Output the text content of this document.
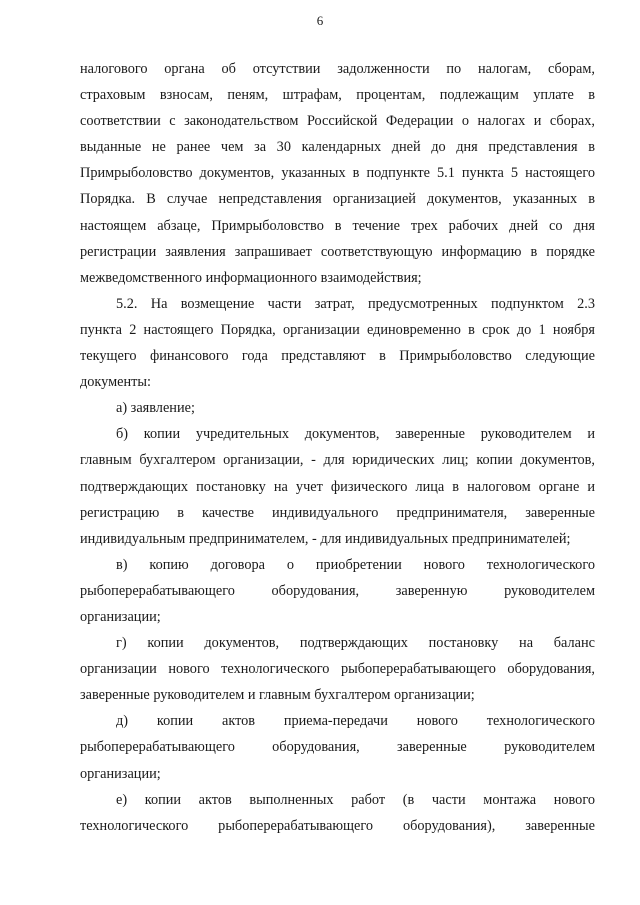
6
налогового органа об отсутствии задолженности по налогам, сборам,
страховым взносам, пеням, штрафам, процентам, подлежащим уплате в
соответствии с законодательством Российской Федерации о налогах и сборах,
выданные не ранее чем за 30 календарных дней до дня представления в
Примрыболовство документов, указанных в подпункте 5.1 пункта 5 настоящего
Порядка. В случае непредставления организацией документов, указанных в
настоящем абзаце, Примрыболовство в течение трех рабочих дней со дня
регистрации заявления запрашивает соответствующую информацию в порядке
межведомственного информационного взаимодействия;
5.2. На возмещение части затрат, предусмотренных подпунктом 2.3
пункта 2 настоящего Порядка, организации единовременно в срок до 1 ноября
текущего финансового года представляют в Примрыболовство следующие
документы:
а) заявление;
б) копии учредительных документов, заверенные руководителем и
главным бухгалтером организации, - для юридических лиц; копии документов,
подтверждающих постановку на учет физического лица в налоговом органе и
регистрацию в качестве индивидуального предпринимателя, заверенные
индивидуальным предпринимателем, - для индивидуальных предпринимателей;
в) копию договора о приобретении нового технологического
рыбоперерабатывающего оборудования, заверенную руководителем
организации;
г) копии документов, подтверждающих постановку на баланс
организации нового технологического рыбоперерабатывающего оборудования,
заверенные руководителем и главным бухгалтером организации;
д) копии актов приема-передачи нового технологического
рыбоперерабатывающего оборудования, заверенные руководителем
организации;
е) копии актов выполненных работ (в части монтажа нового
технологического рыбоперерабатывающего оборудования), заверенные
